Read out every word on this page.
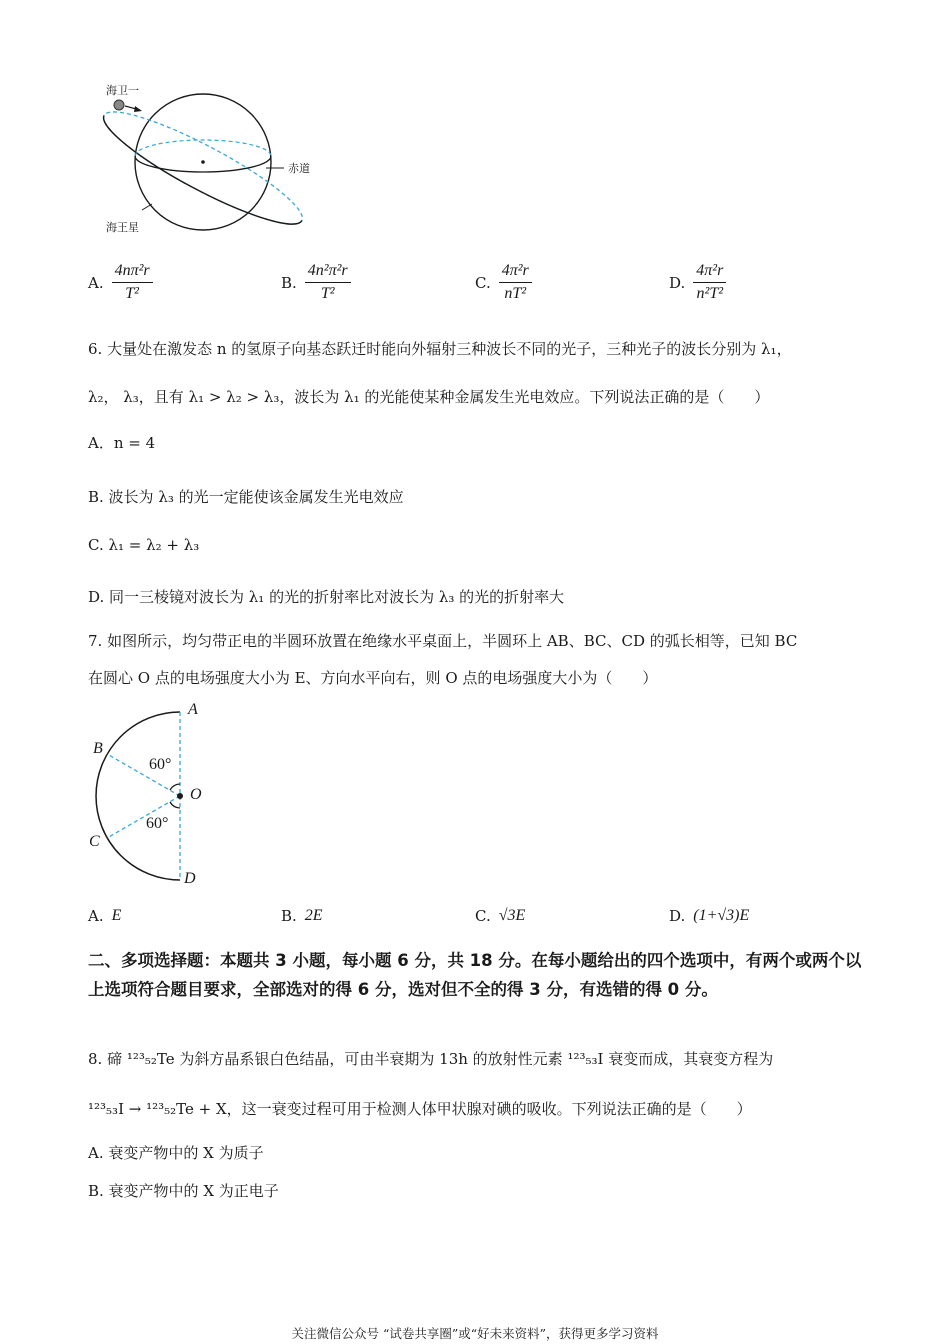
海卫一
赤道
海王星
A. $\frac{\text{4nπ²r}}{\text{T²}}$	B. $\frac{\text{4n²π²r}}{\text{T²}}$	C. $\frac{\text{4π²r}}{\text{nT²}}$	D. $\frac{\text{4π²r}}{\text{n²T²}}$
6. 大量处在激发态 n 的氢原子向基态跃迁时能向外辐射三种波长不同的光子，三种光子的波长分别为 λ₁，
λ₂， λ₃，且有 λ₁ > λ₂ > λ₃，波长为 λ₁ 的光能使某种金属发生光电效应。下列说法正确的是（　　）
A．n = 4
B. 波长为 λ₃ 的光一定能使该金属发生光电效应
C. λ₁ = λ₂ + λ₃
D. 同一三棱镜对波长为 λ₁ 的光的折射率比对波长为 λ₃ 的光的折射率大
7. 如图所示，均匀带正电的半圆环放置在绝缘水平桌面上，半圆环上 AB、BC、CD 的弧长相等，已知 BC
在圆心 O 点的电场强度大小为 E、方向水平向右，则 O 点的电场强度大小为（　　）
A
B
C
D
O
60°
60°
A. E	B. 2E	C. √3E	D. (1+√3)E
二、多项选择题：本题共 3 小题，每小题 6 分，共 18 分。在每小题给出的四个选项中，有两个或两个以上选项符合题目要求，全部选对的得 6 分，选对但不全的得 3 分，有选错的得 0 分。
8. 碲 ¹²³₅₂Te 为斜方晶系银白色结晶，可由半衰期为 13h 的放射性元素 ¹²³₅₃I 衰变而成，其衰变方程为
¹²³₅₃I → ¹²³₅₂Te + X，这一衰变过程可用于检测人体甲状腺对碘的吸收。下列说法正确的是（　　）
A. 衰变产物中的 X 为质子
B. 衰变产物中的 X 为正电子
关注微信公众号 “试卷共享圈”或“好未来资料”，获得更多学习资料
